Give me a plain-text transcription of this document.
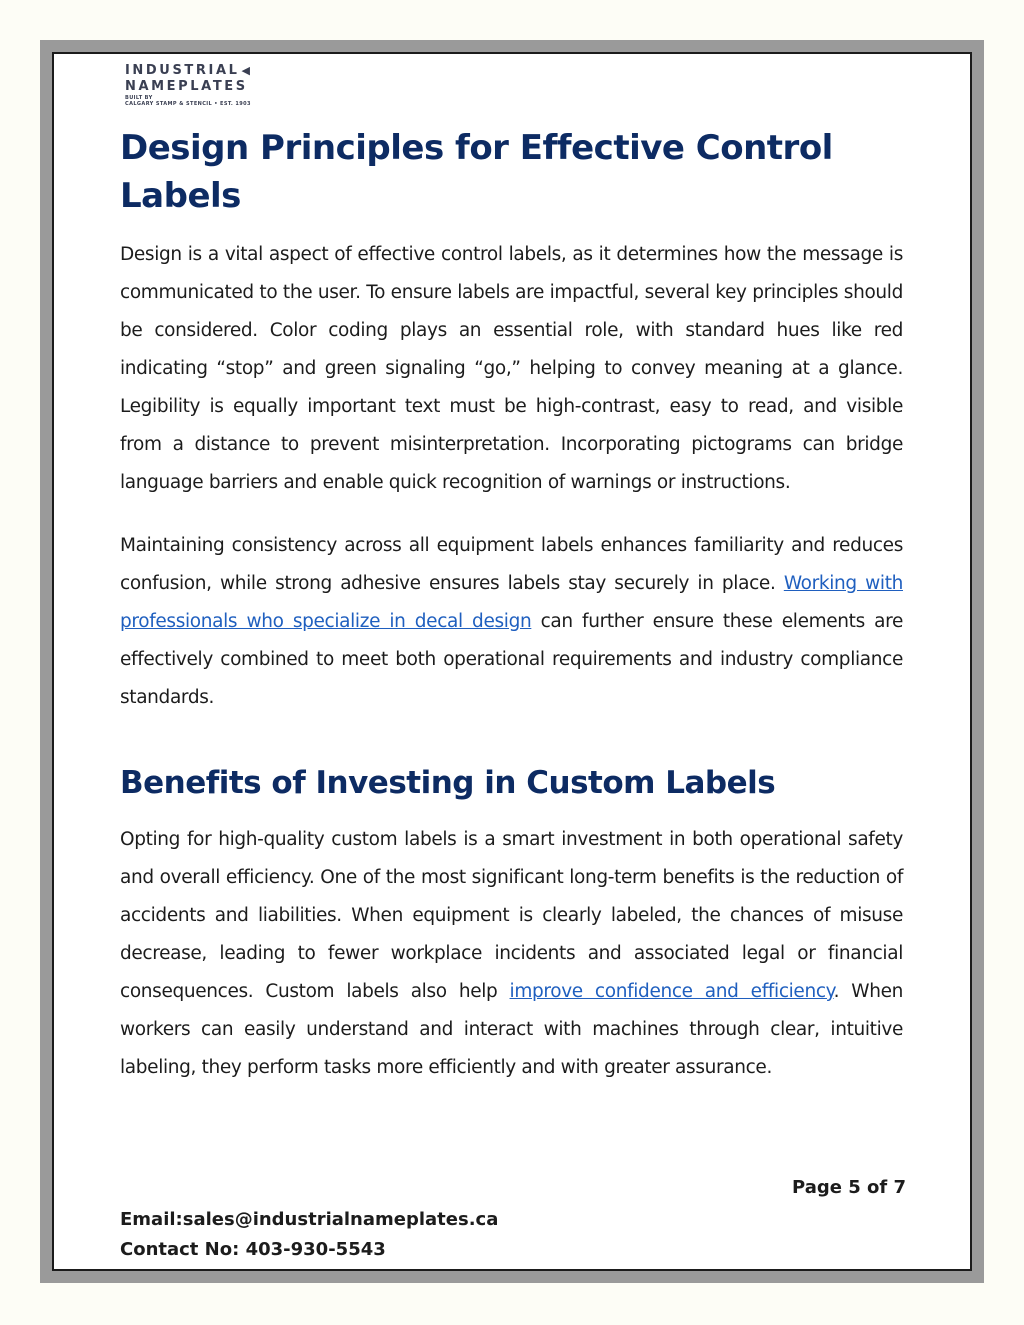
INDUSTRIAL ◀
NAMEPLATES
BUILT BY
CALGARY STAMP & STENCIL • EST. 1903
Design Principles for Effective Control Labels

Design is a vital aspect of effective control labels, as it determines how the message is communicated to the user. To ensure labels are impactful, several key principles should be considered. Color coding plays an essential role, with standard hues like red indicating “stop” and green signaling “go,” helping to convey meaning at a glance. Legibility is equally important text must be high-contrast, easy to read, and visible from a distance to prevent misinterpretation. Incorporating pictograms can bridge language barriers and enable quick recognition of warnings or instructions.

Maintaining consistency across all equipment labels enhances familiarity and reduces confusion, while strong adhesive ensures labels stay securely in place. Working with professionals who specialize in decal design can further ensure these elements are effectively combined to meet both operational requirements and industry compliance standards.

Benefits of Investing in Custom Labels

Opting for high-quality custom labels is a smart investment in both operational safety and overall efficiency. One of the most significant long-term benefits is the reduction of accidents and liabilities. When equipment is clearly labeled, the chances of misuse decrease, leading to fewer workplace incidents and associated legal or financial consequences. Custom labels also help improve confidence and efficiency. When workers can easily understand and interact with machines through clear, intuitive labeling, they perform tasks more efficiently and with greater assurance.

Page 5 of 7
Email:sales@industrialnameplates.ca
Contact No: 403-930-5543
